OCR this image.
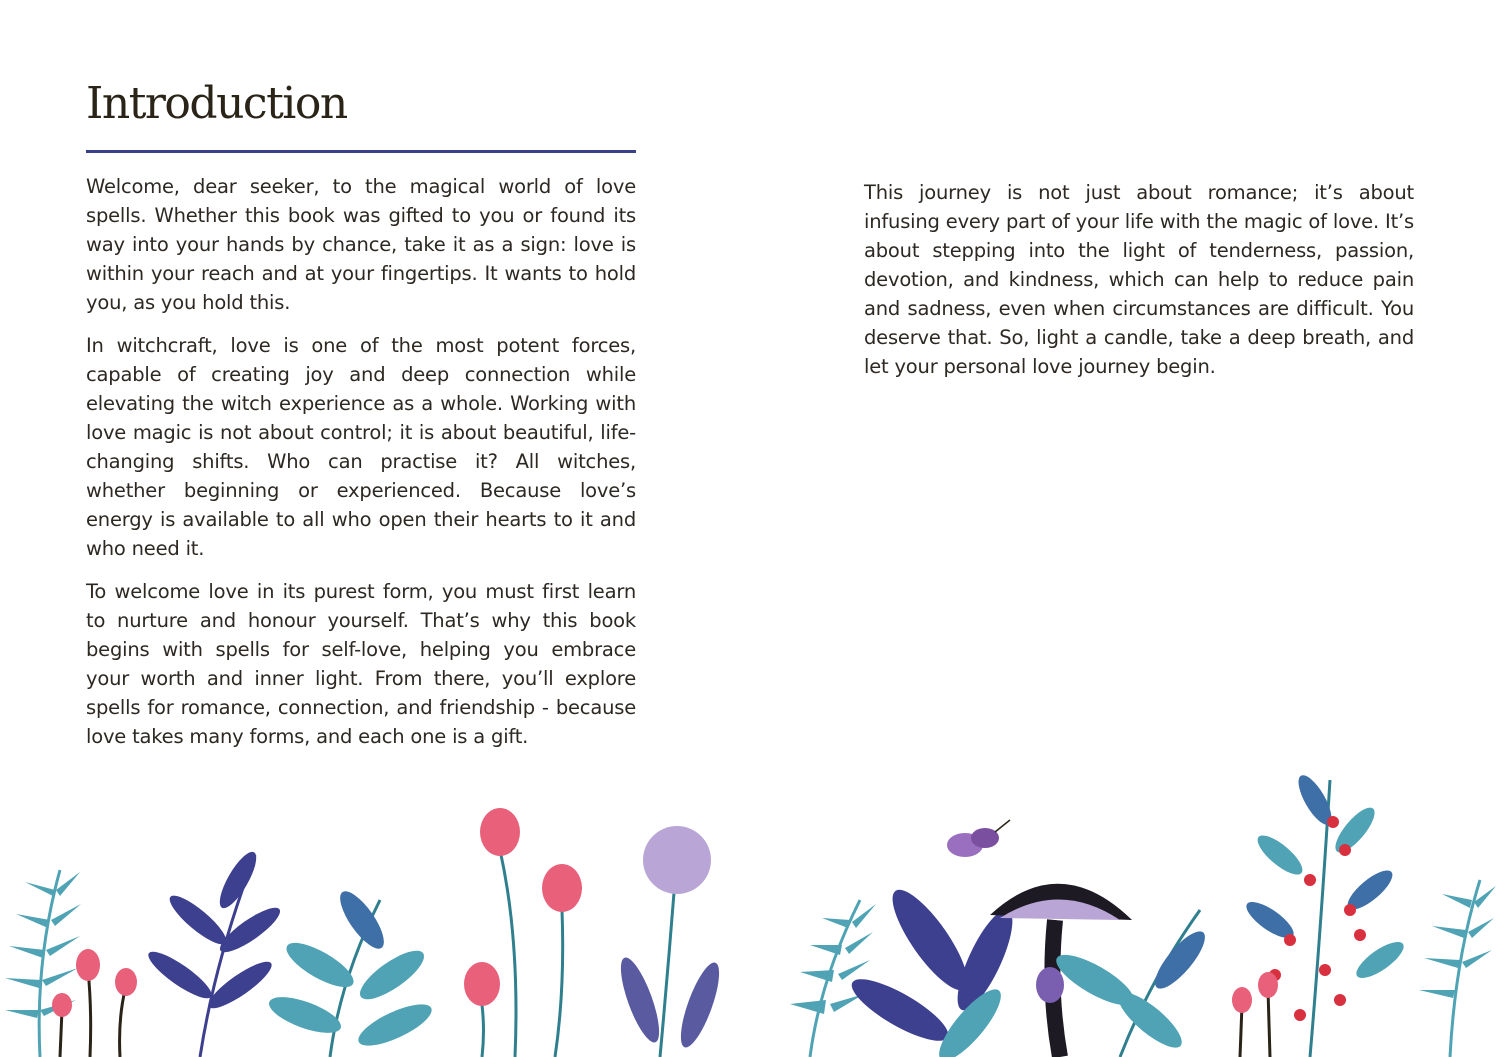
Introduction

Welcome, dear seeker, to the magical world of love spells. Whether this book was gifted to you or found its way into your hands by chance, take it as a sign: love is within your reach and at your fingertips. It wants to hold you, as you hold this.

In witchcraft, love is one of the most potent forces, capable of creating joy and deep connection while elevating the witch experience as a whole. Working with love magic is not about control; it is about beautiful, life-changing shifts. Who can practise it? All witches, whether beginning or experienced. Because love’s energy is available to all who open their hearts to it and who need it.

To welcome love in its purest form, you must first learn to nurture and honour yourself. That’s why this book begins with spells for self-love, helping you embrace your worth and inner light. From there, you’ll explore spells for romance, connection, and friendship - because love takes many forms, and each one is a gift.

This journey is not just about romance; it’s about infusing every part of your life with the magic of love. It’s about stepping into the light of tenderness, passion, devotion, and kindness, which can help to reduce pain and sadness, even when circumstances are difficult. You deserve that. So, light a candle, take a deep breath, and let your personal love journey begin.
